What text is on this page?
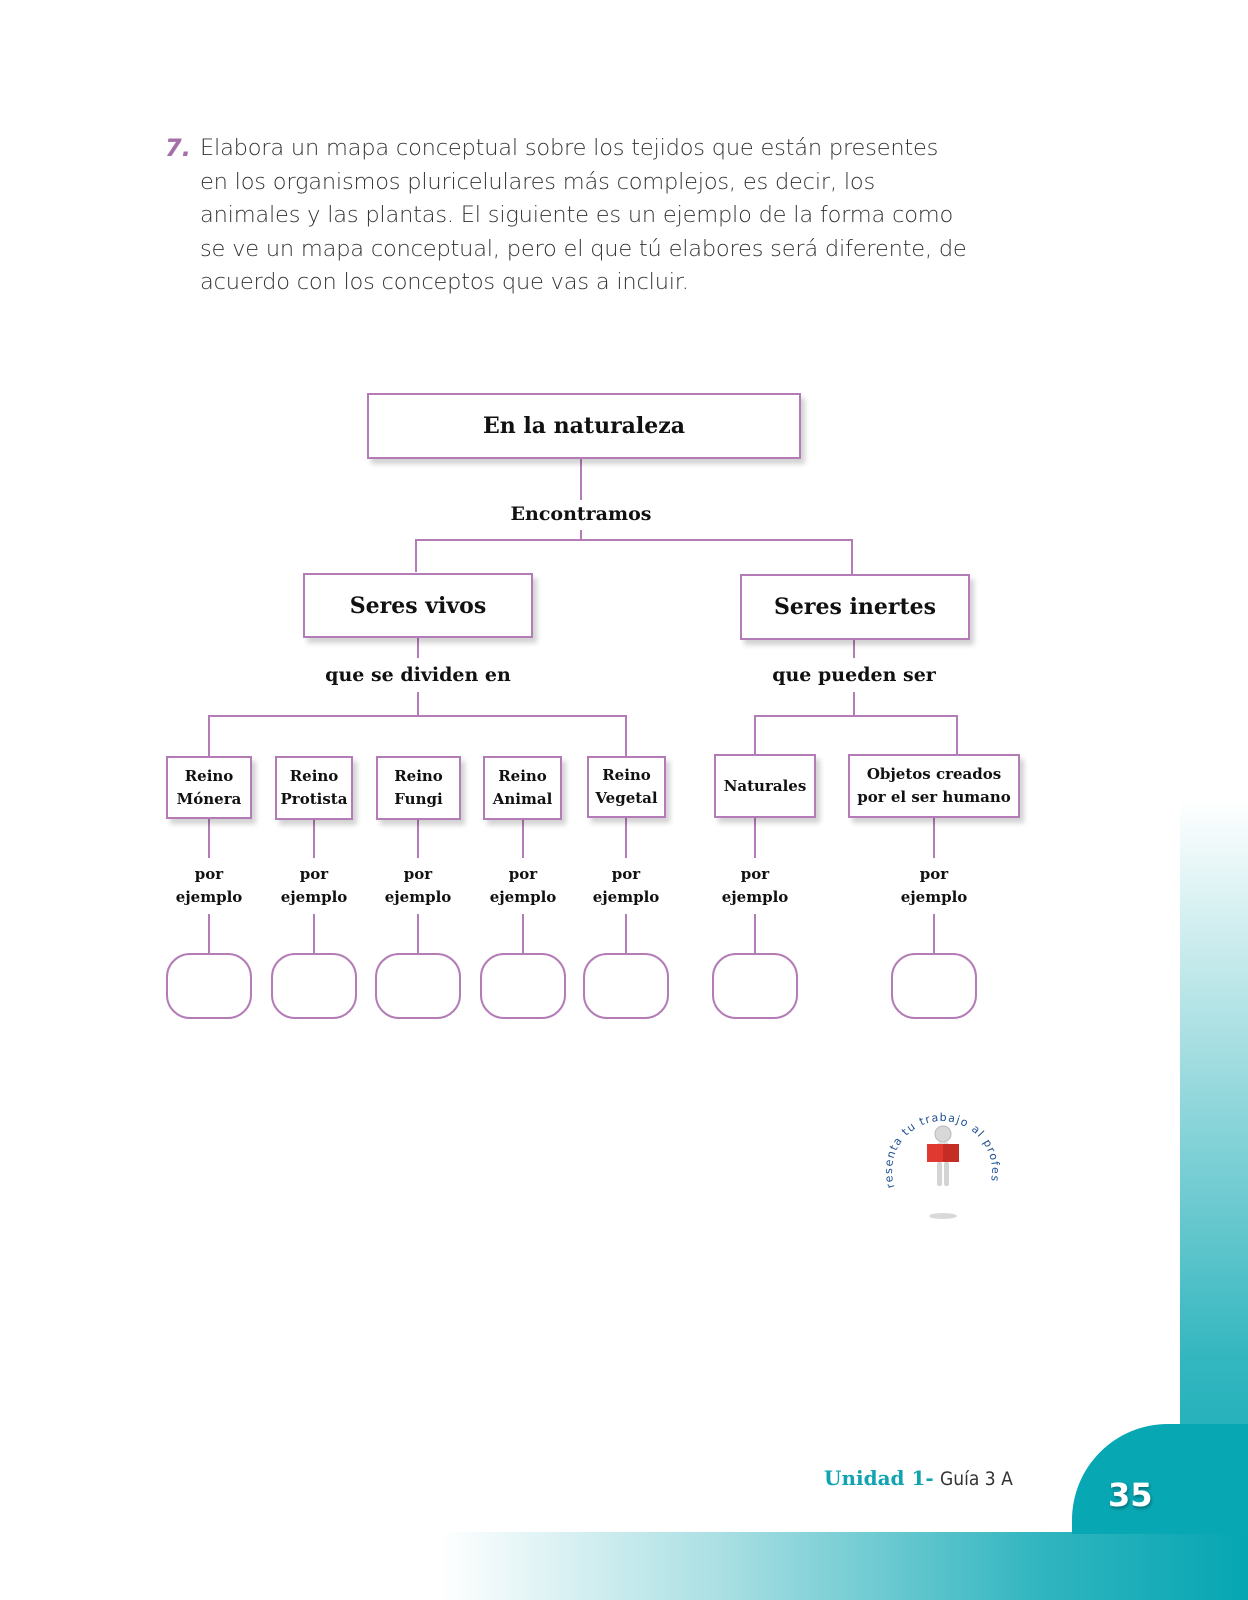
35
Unidad 1- Guía 3 A
7. Elabora un mapa conceptual sobre los tejidos que están presentes en los organismos pluricelulares más complejos, es decir, los animales y las plantas. El siguiente es un ejemplo de la forma como se ve un mapa conceptual, pero el que tú elabores será diferente, de acuerdo con los conceptos que vas a incluir.
En la naturaleza
Encontramos
Seres vivos	Seres inertes
que se dividen en	que pueden ser
Reino Mónera
Reino Protista
Reino Fungi
Reino Animal
Reino Vegetal
Naturales
Objetos creados por el ser humano
por ejemplo
por ejemplo
por ejemplo
por ejemplo
por ejemplo
por ejemplo
por ejemplo
resenta tu trabajo al profes
